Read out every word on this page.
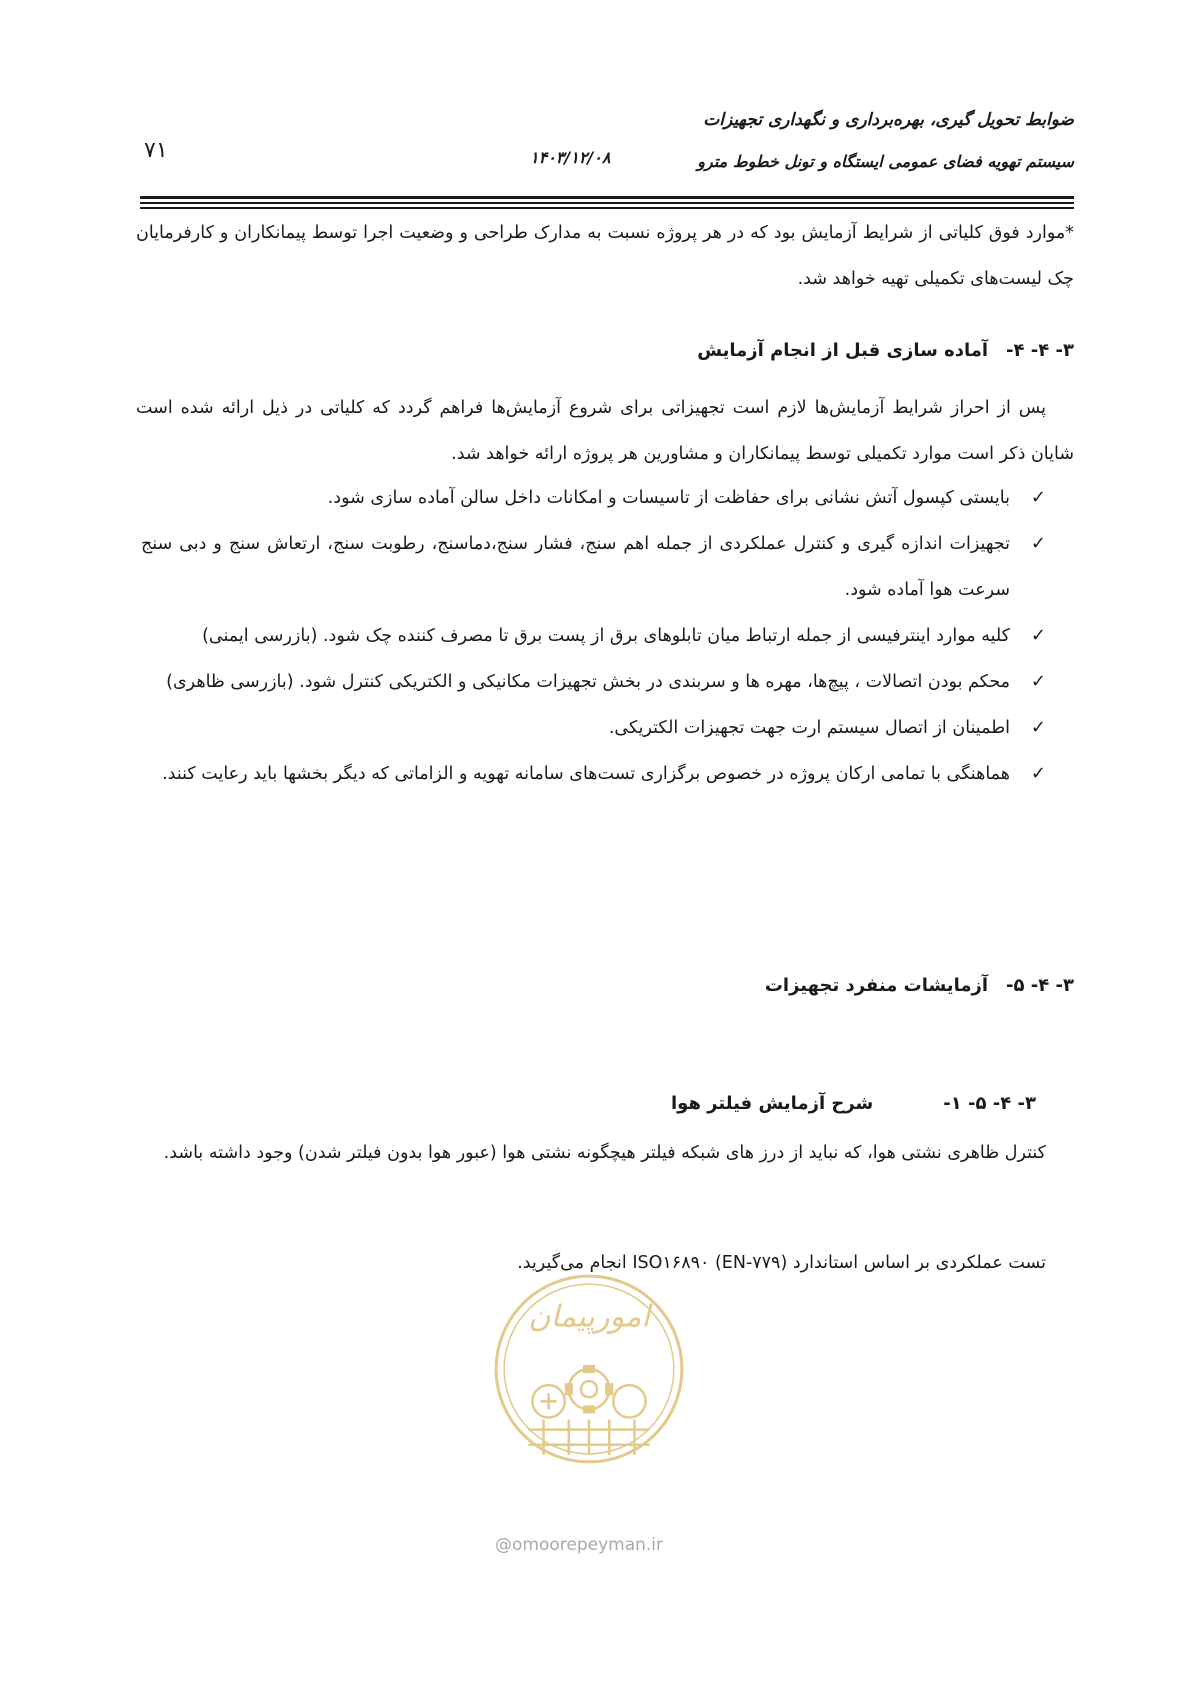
ضوابط تحویل گیری، بهره‌برداری و نگهداری تجهیزات
سیستم تهویه فضای عمومی ایستگاه و تونل خطوط مترو
۱۴۰۳/۱۲/۰۸
۷۱

*موارد فوق کلیاتی از شرایط آزمایش بود که در هر پروژه نسبت به مدارک طراحی و وضعیت اجرا توسط پیمانکاران و کارفرمایان چک لیست‌های تکمیلی تهیه خواهد شد.

۳- ۴- ۴-آماده سازی قبل از انجام آزمایش

پس از احراز شرایط آزمایش‌ها لازم است تجهیزاتی برای شروع آزمایش‌ها فراهم گردد که کلیاتی در ذیل ارائه شده است شایان ذکر است موارد تکمیلی توسط پیمانکاران و مشاورین هر پروژه ارائه خواهد شد.

✓
بایستی کپسول آتش نشانی برای حفاظت از تاسیسات و امکانات داخل سالن آماده سازی شود.
✓
تجهیزات اندازه گیری و کنترل عملکردی از جمله اهم سنج، فشار سنج،دماسنج، رطوبت سنج، ارتعاش سنج و دبی سنج سرعت هوا آماده شود.
✓
کلیه موارد اینترفیسی از جمله ارتباط میان تابلوهای برق از پست برق تا مصرف کننده چک شود. (بازرسی ایمنی)
✓
محکم بودن اتصالات ، پیچ‌ها، مهره ها و سربندی در بخش تجهیزات مکانیکی و الکتریکی کنترل شود. (بازرسی ظاهری)
✓
اطمینان از اتصال سیستم ارت جهت تجهیزات الکتریکی.
✓
هماهنگی با تمامی ارکان پروژه در خصوص برگزاری تست‌های سامانه تهویه و الزاماتی که دیگر بخشها باید رعایت کنند.
۳- ۴- ۵-آزمایشات منفرد تجهیزات
۳- ۴- ۵- ۱-شرح آزمایش فیلتر هوا

کنترل ظاهری نشتی هوا، که نباید از درز های شبکه فیلتر هیچگونه نشتی هوا (عبور هوا بدون فیلتر شدن) وجود داشته باشد.

تست عملکردی بر اساس استاندارد (EN-۷۷۹) ISO۱۶۸۹۰ انجام می‌گیرید.

امورپیمان
@omoorepeyman.ir
